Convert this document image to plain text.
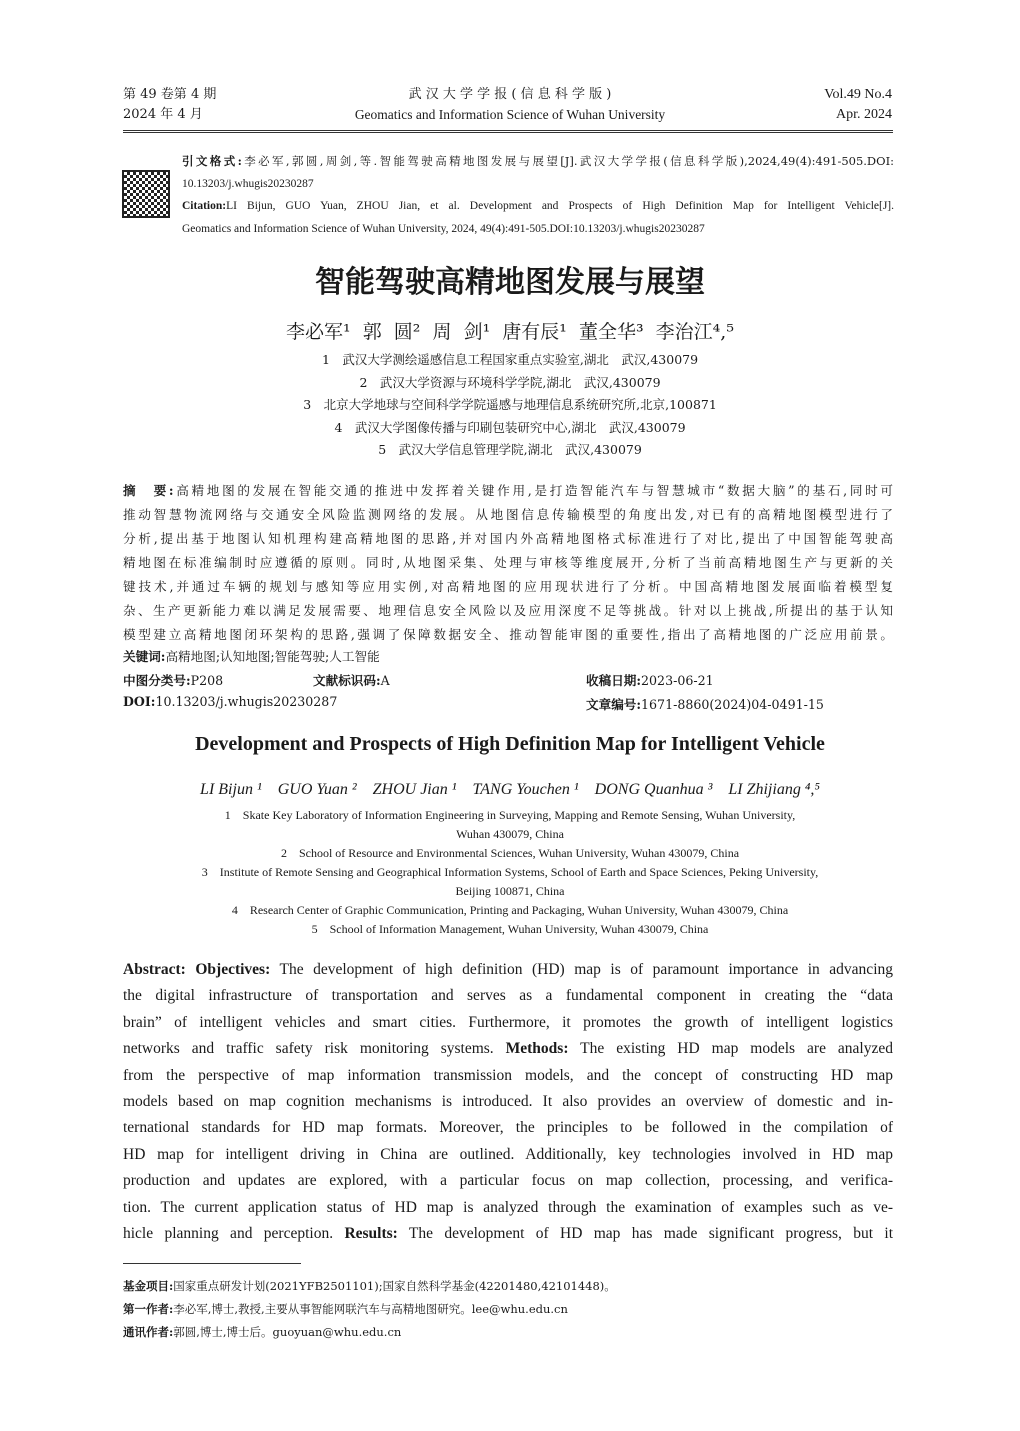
第 49 卷第 4 期
2024 年 4 月
武 汉 大 学 学 报 ( 信 息 科 学 版 )
Geomatics and Information Science of Wuhan University
Vol.49 No.4
Apr. 2024
引文格式:李必军,郭圆,周剑,等.智能驾驶高精地图发展与展望[J].武汉大学学报(信息科学版),2024,49(4):491-505.DOI:
10.13203/j.whugis20230287
Citation:LI Bijun, GUO Yuan, ZHOU Jian, et al. Development and Prospects of High Definition Map for Intelligent Vehicle[J].
Geomatics and Information Science of Wuhan University, 2024, 49(4):491-505.DOI:10.13203/j.whugis20230287
智能驾驶高精地图发展与展望
李必军¹  郭  圆²  周  剑¹  唐有辰¹  董全华³  李治江⁴,⁵
1　武汉大学测绘遥感信息工程国家重点实验室,湖北　武汉,430079
2　武汉大学资源与环境科学学院,湖北　武汉,430079
3　北京大学地球与空间科学学院遥感与地理信息系统研究所,北京,100871
4　武汉大学图像传播与印刷包装研究中心,湖北　武汉,430079
5　武汉大学信息管理学院,湖北　武汉,430079
摘　要:高精地图的发展在智能交通的推进中发挥着关键作用,是打造智能汽车与智慧城市“数据大脑”的基石,同时可
推动智慧物流网络与交通安全风险监测网络的发展。从地图信息传输模型的角度出发,对已有的高精地图模型进行了
分析,提出基于地图认知机理构建高精地图的思路,并对国内外高精地图格式标准进行了对比,提出了中国智能驾驶高
精地图在标准编制时应遵循的原则。同时,从地图采集、处理与审核等维度展开,分析了当前高精地图生产与更新的关
键技术,并通过车辆的规划与感知等应用实例,对高精地图的应用现状进行了分析。中国高精地图发展面临着模型复
杂、生产更新能力难以满足发展需要、地理信息安全风险以及应用深度不足等挑战。针对以上挑战,所提出的基于认知
模型建立高精地图闭环架构的思路,强调了保障数据安全、推动智能审图的重要性,指出了高精地图的广泛应用前景。
关键词:高精地图;认知地图;智能驾驶;人工智能
中图分类号:P208	文献标识码:A	收稿日期:2023-06-21
DOI:10.13203/j.whugis20230287	文章编号:1671-8860(2024)04-0491-15
Development and Prospects of High Definition Map for Intelligent Vehicle
LI Bijun ¹ GUO Yuan ² ZHOU Jian ¹ TANG Youchen ¹ DONG Quanhua ³ LI Zhijiang ⁴,⁵
1　Skate Key Laboratory of Information Engineering in Surveying, Mapping and Remote Sensing, Wuhan University,
Wuhan 430079, China
2　School of Resource and Environmental Sciences, Wuhan University, Wuhan 430079, China
3　Institute of Remote Sensing and Geographical Information Systems, School of Earth and Space Sciences, Peking University,
Beijing 100871, China
4　Research Center of Graphic Communication, Printing and Packaging, Wuhan University, Wuhan 430079, China
5　School of Information Management, Wuhan University, Wuhan 430079, China
Abstract: Objectives: The development of high definition (HD) map is of paramount importance in advancing
the digital infrastructure of transportation and serves as a fundamental component in creating the “data
brain” of intelligent vehicles and smart cities. Furthermore, it promotes the growth of intelligent logistics
networks and traffic safety risk monitoring systems. Methods: The existing HD map models are analyzed
from the perspective of map information transmission models, and the concept of constructing HD map
models based on map cognition mechanisms is introduced. It also provides an overview of domestic and in-
ternational standards for HD map formats. Moreover, the principles to be followed in the compilation of
HD map for intelligent driving in China are outlined. Additionally, key technologies involved in HD map
production and updates are explored, with a particular focus on map collection, processing, and verifica-
tion. The current application status of HD map is analyzed through the examination of examples such as ve-
hicle planning and perception. Results: The development of HD map has made significant progress, but it
基金项目:国家重点研发计划(2021YFB2501101);国家自然科学基金(42201480,42101448)。
第一作者:李必军,博士,教授,主要从事智能网联汽车与高精地图研究。lee@whu.edu.cn
通讯作者:郭圆,博士,博士后。guoyuan@whu.edu.cn
